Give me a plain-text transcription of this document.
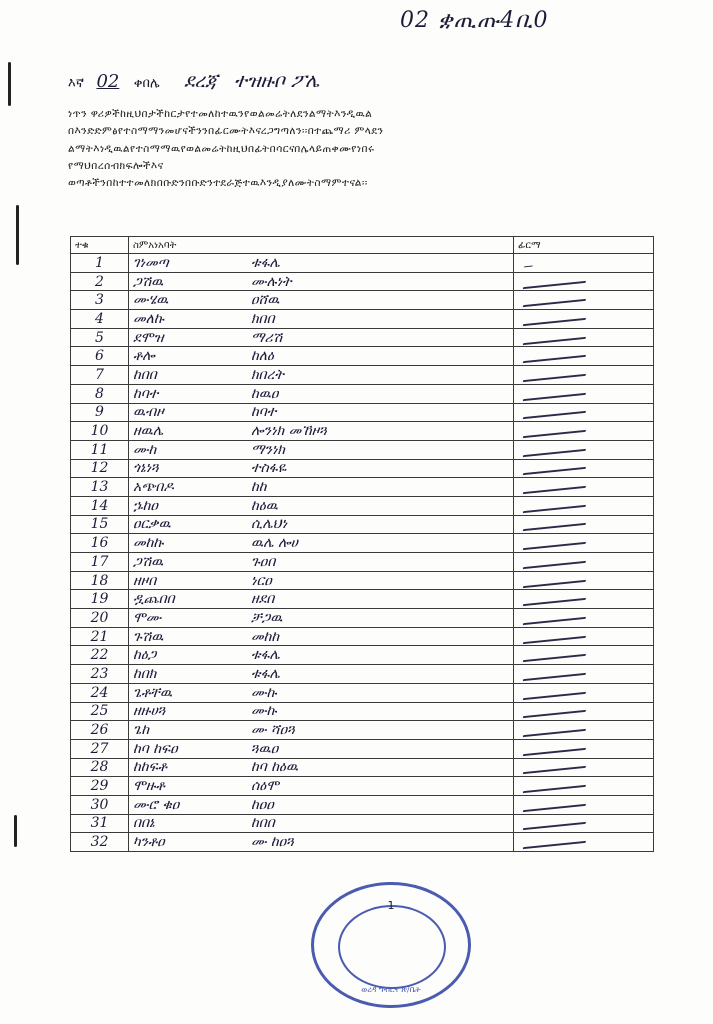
02 ቋጢጡ4ቢ0
እኛ 02 ቀበሌ ደረጃ ተዝዙቦ ፖሌ
ነጥን ዋሪዎችከዚህበታችከርታየተመለከተዉንየወልመሬትለደንልማትእንዲዉል
በእንድድምፅየተስማማንመሆናችንንበፊርሙትእናረጋግጣለን፡፡በተጨማሪ ምላደን
ልማትእነዲዉልየተስማማዉየወልመሬትከዚህበፊትበሳርናበሌላይጠቀሙየነበሩ
የማህበረሰብክፍሎችእና
ወጣቶችንበከተተመለክበቡድንበቡድንተደራጅተዉእንዲያለሙትስማምተናል፡፡
ተቁ	ስምአነአባት	ፊርማ
1	ገነመጣ ቱፋሌ	
2	ጋሽዉ ሙሉነት	
3	ሙሄዉ ዐሸዉ	
4	መለኩ ክበበ	
5	ደሞዝ ማሪሽ	
6	ቶሎ ከለዕ	
7	ከበበ ክበረት	
8	ከባተ ከዉዐ	
9	ዉብዞ ከባተ	
10	ዘዉሌ ሎንነክ መኸዞጓ	
11	ሙከ ማንነክ	
12	ጎኔነጓ ተስፋዬ	
13	አጭበዶ ከከ	
14	ኌከዐ ከዕዉ	
15	ዐርቃዉ ሲሌህነ	
16	መከኩ ዉሌ ሎሀ	
17	ጋሽዉ ጉዐበ	
18	ዘዞበ ነርዐ	
19	ዷጨበበ ዘደበ	
20	ሞሙ ቻጋዉ	
21	ጉሽዉ መከከ	
22	ከዕጋ ቱፋሌ	
23	ከበክ ቱፋሌ	
24	ጌቶቸዉ ሙኩ	
25	ዘዙሀጓ ሙኩ	
26	ጌከ ሙ ሻዐጓ	
27	ከባ ከፍዐ ጓዉዐ	
28	ከከፍቶ ከባ ከዕዉ	
29	ሞዙቶ ሰዕሞ	
30	ሙሮ ቁዐ ከዐዐ	
31	በበኔ ከበበ	
32	ካንቶዐ ሙ ከዐጓ	
1
ወረዳ ግብርና ጽ/ቤት
